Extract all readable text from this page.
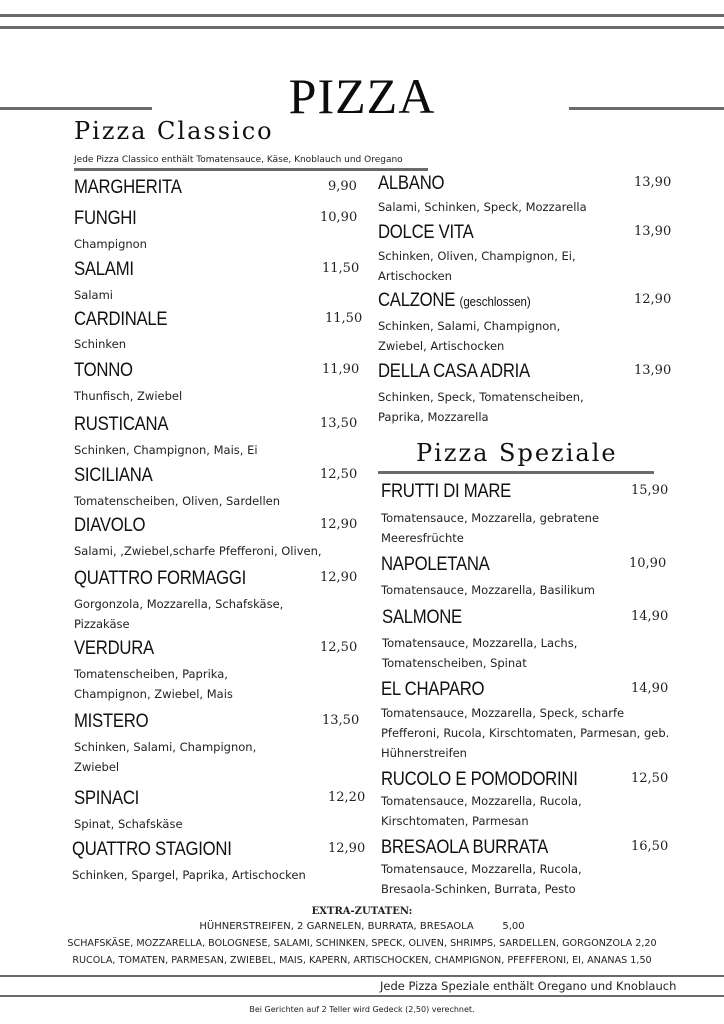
PIZZA
Pizza Classico
Jede Pizza Classico enthält Tomatensauce, Käse, Knoblauch und Oregano
MARGHERITA	9,90
FUNGHI	10,90
Champignon
SALAMI	11,50
Salami
CARDINALE	11,50
Schinken
TONNO	11,90
Thunfisch, Zwiebel
RUSTICANA	13,50
Schinken, Champignon, Mais, Ei
SICILIANA	12,50
Tomatenscheiben, Oliven, Sardellen
DIAVOLO	12,90
Salami, ,Zwiebel,scharfe Pfefferoni, Oliven,
QUATTRO FORMAGGI	12,90
Gorgonzola, Mozzarella, Schafskäse, Pizzakäse
VERDURA	12,50
Tomatenscheiben, Paprika, Champignon, Zwiebel, Mais
MISTERO	13,50
Schinken, Salami, Champignon, Zwiebel
SPINACI	12,20
Spinat, Schafskäse
QUATTRO STAGIONI	12,90
Schinken, Spargel, Paprika, Artischocken
ALBANO	13,90
Salami, Schinken, Speck, Mozzarella
DOLCE VITA	13,90
Schinken, Oliven, Champignon, Ei, Artischocken
CALZONE (geschlossen)	12,90
Schinken, Salami, Champignon, Zwiebel, Artischocken
DELLA CASA ADRIA	13,90
Schinken, Speck, Tomatenscheiben, Paprika, Mozzarella
Pizza Speziale
FRUTTI DI MARE	15,90
Tomatensauce, Mozzarella, gebratene Meeresfrüchte
NAPOLETANA	10,90
Tomatensauce, Mozzarella, Basilikum
SALMONE	14,90
Tomatensauce, Mozzarella, Lachs, Tomatenscheiben, Spinat
EL CHAPARO	14,90
Tomatensauce, Mozzarella, Speck, scharfe Pfefferoni, Rucola, Kirschtomaten, Parmesan, geb. Hühnerstreifen
RUCOLO E POMODORINI	12,50
Tomatensauce, Mozzarella, Rucola, Kirschtomaten, Parmesan
BRESAOLA BURRATA	16,50
Tomatensauce, Mozzarella, Rucola, Bresaola-Schinken, Burrata, Pesto
EXTRA-ZUTATEN:
HÜHNERSTREIFEN, 2 GARNELEN, BURRATA, BRESAOLA         5,00
SCHAFSKÄSE, MOZZARELLA, BOLOGNESE, SALAMI, SCHINKEN, SPECK, OLIVEN, SHRIMPS, SARDELLEN, GORGONZOLA 2,20
RUCOLA, TOMATEN, PARMESAN, ZWIEBEL, MAIS, KAPERN, ARTISCHOCKEN, CHAMPIGNON, PFEFFERONI, EI, ANANAS 1,50
Jede Pizza Speziale enthält Oregano und Knoblauch
Bei Gerichten auf 2 Teller wird Gedeck (2,50) verechnet.
